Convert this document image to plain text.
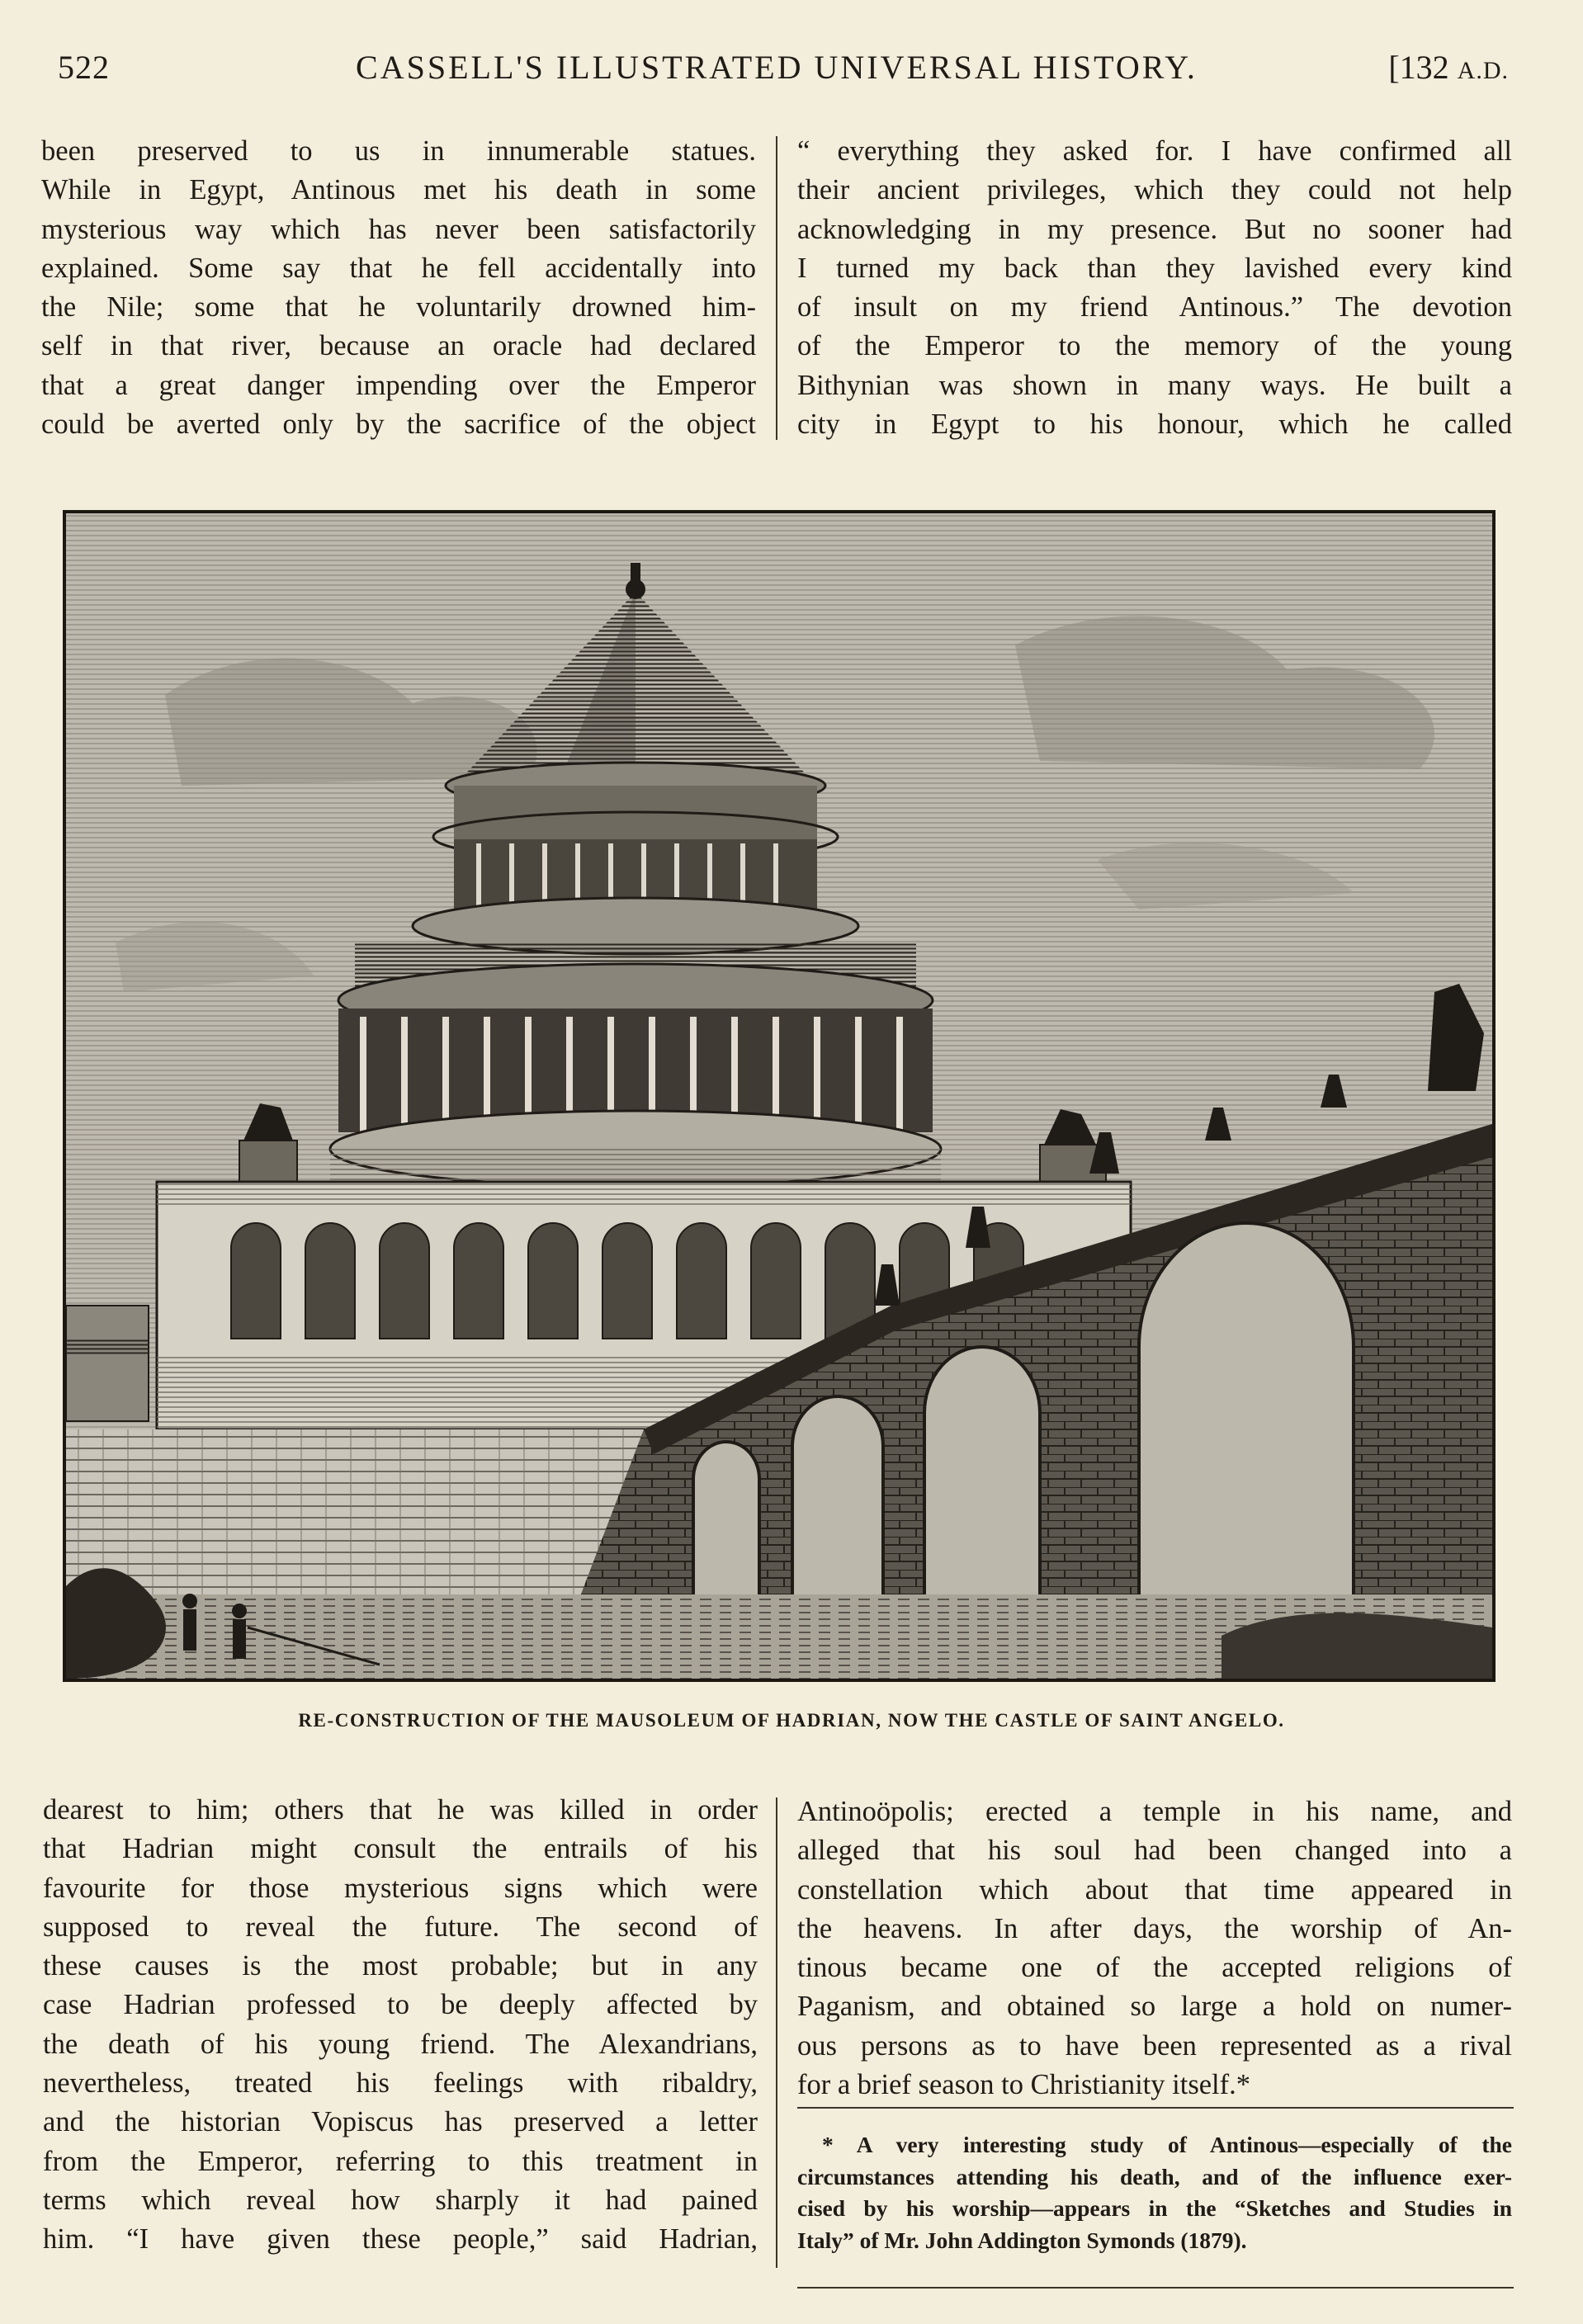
522	CASSELL'S ILLUSTRATED UNIVERSAL HISTORY.	[132 A.D.
been preserved to us in innumerable statues.
While in Egypt, Antinous met his death in some
mysterious way which has never been satisfactorily
explained. Some say that he fell accidentally into
the Nile; some that he voluntarily drowned him-
self in that river, because an oracle had declared
that a great danger impending over the Emperor
could be averted only by the sacrifice of the object
“ everything they asked for. I have confirmed all
their ancient privileges, which they could not help
acknowledging in my presence. But no sooner had
I turned my back than they lavished every kind
of insult on my friend Antinous.” The devotion
of the Emperor to the memory of the young
Bithynian was shown in many ways. He built a
city in Egypt to his honour, which he called
RE-CONSTRUCTION OF THE MAUSOLEUM OF HADRIAN, NOW THE CASTLE OF SAINT ANGELO.
dearest to him; others that he was killed in order
that Hadrian might consult the entrails of his
favourite for those mysterious signs which were
supposed to reveal the future. The second of
these causes is the most probable; but in any
case Hadrian professed to be deeply affected by
the death of his young friend. The Alexandrians,
nevertheless, treated his feelings with ribaldry,
and the historian Vopiscus has preserved a letter
from the Emperor, referring to this treatment in
terms which reveal how sharply it had pained
him. “I have given these people,” said Hadrian,
Antinoöpolis; erected a temple in his name, and
alleged that his soul had been changed into a
constellation which about that time appeared in
the heavens. In after days, the worship of An-
tinous became one of the accepted religions of
Paganism, and obtained so large a hold on numer-
ous persons as to have been represented as a rival
for a brief season to Christianity itself.*
* A very interesting study of Antinous—especially of the
circumstances attending his death, and of the influence exer-
cised by his worship—appears in the “Sketches and Studies in
Italy” of Mr. John Addington Symonds (1879).
